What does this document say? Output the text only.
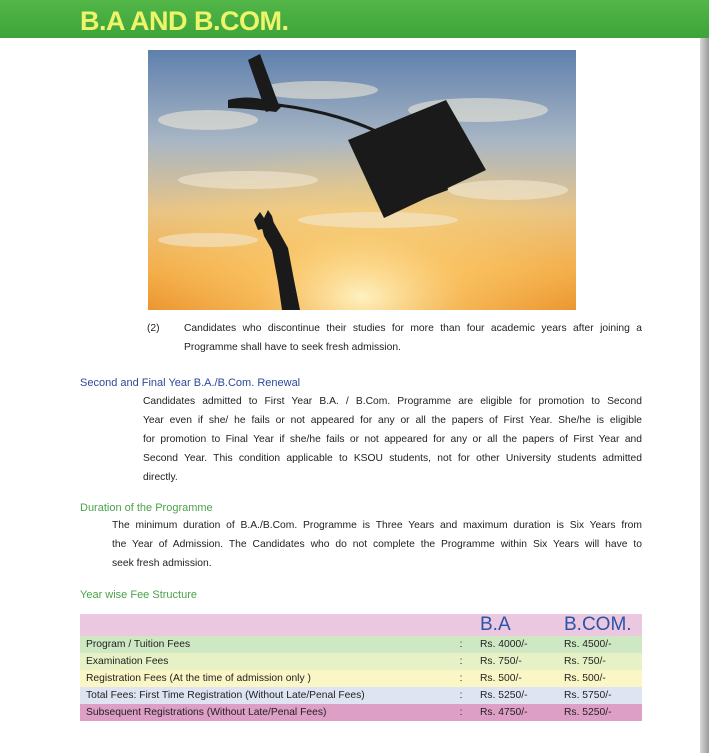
B.A AND B.COM.
(2) Candidates who discontinue their studies for more than four academic years after joining a
Programme shall have to seek fresh admission.
Second and Final Year B.A./B.Com. Renewal
Candidates admitted to First Year B.A. / B.Com. Programme are eligible for promotion to Second
Year even if she/ he fails or not appeared for any or all the papers of First Year. She/he is eligible
for promotion to Final Year if she/he fails or not appeared for any or all the papers of First Year and
Second Year. This condition applicable to KSOU students, not for other University students admitted
directly.
Duration of the Programme
The minimum duration of B.A./B.Com. Programme is Three Years and maximum duration is Six Years from
the Year of Admission. The Candidates who do not complete the Programme within Six Years will have to
seek fresh admission.
Year wise Fee Structure
		B.A	B.COM.
Program / Tuition Fees	:	Rs. 4000/-	Rs. 4500/-
Examination Fees	:	Rs. 750/-	Rs. 750/-
Registration Fees (At the time of admission only )	:	Rs. 500/-	Rs. 500/-
Total Fees: First Time Registration (Without Late/Penal Fees)	:	Rs. 5250/-	Rs. 5750/-
Subsequent Registrations (Without Late/Penal Fees)	:	Rs. 4750/-	Rs. 5250/-
